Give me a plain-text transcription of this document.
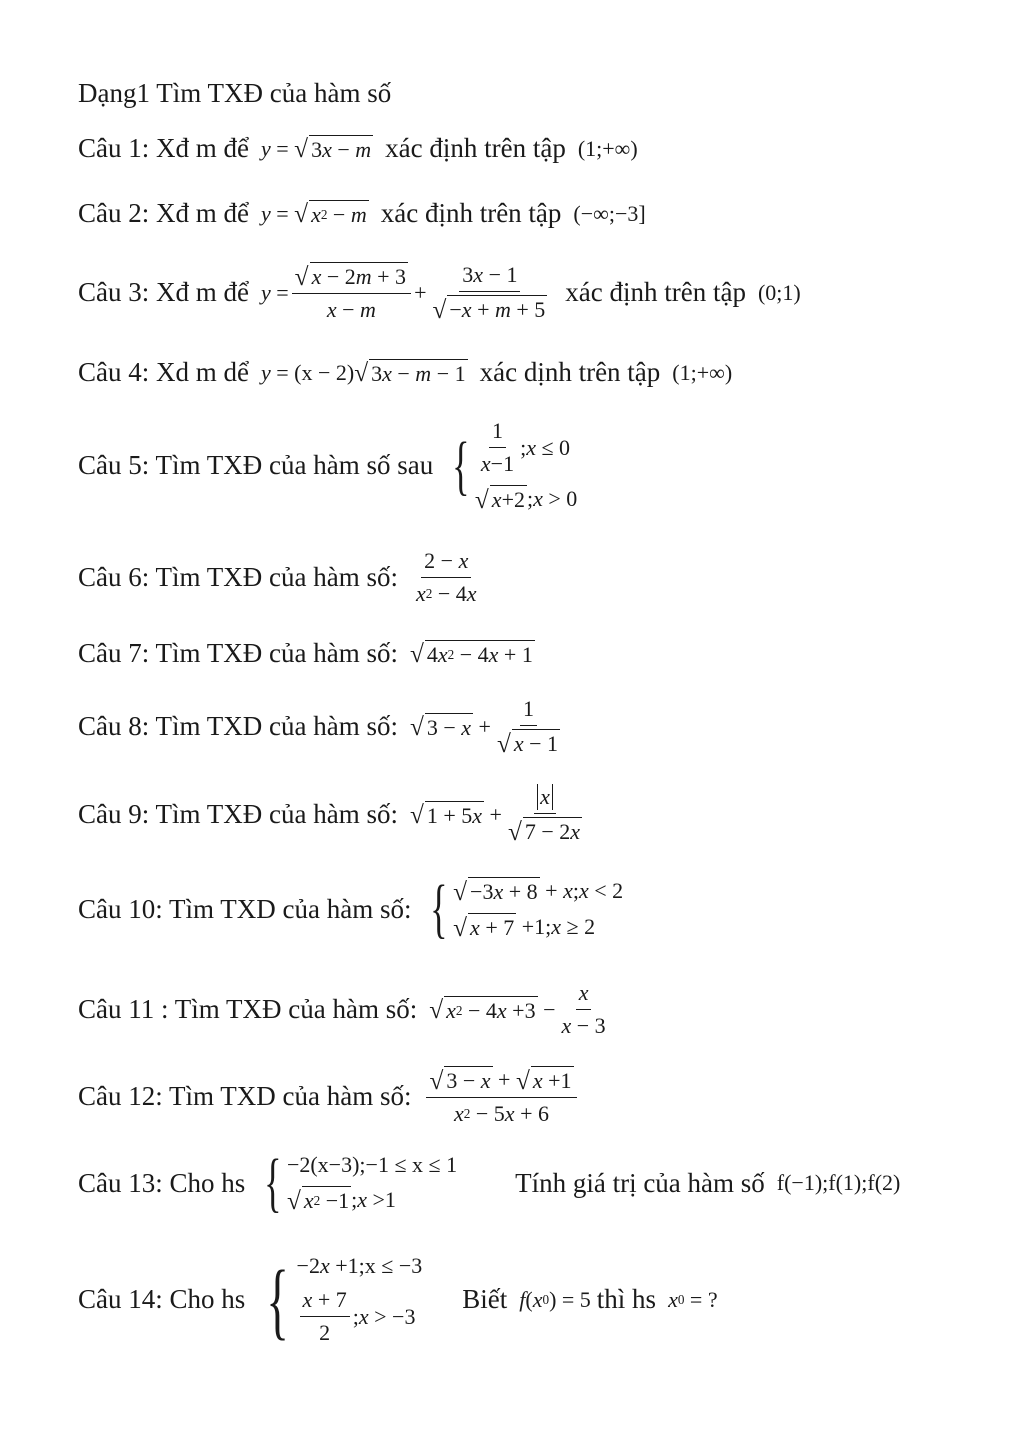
Dạng1 Tìm TXĐ của hàm số
Câu 1: Xđ m để y = √ 3 x − m xác định trên tập (1;+∞)
Câu 2: Xđ m để y = √ x 2 − m xác định trên tập (−∞;−3]
Câu 3: Xđ m để $y = \frac{√ x - 2 m + 3}{x - m} + \frac{3 x - 1}{√ - x + m + 5}$ xác định trên tập (0;1)
Câu 4: Xd m dể y = (x − 2) √ 3 x − m − 1 xác dịnh trên tập (1;+∞)
Câu 5: Tìm TXĐ của hàm số sau { $\frac{1}{x -1}$ ; x ≤ 0
√ x +2 ; x > 0
Câu 6: Tìm TXĐ của hàm số: $\frac{2 - x}{x 2 - 4 x}$
Câu 7: Tìm TXĐ của hàm số: √ 4 x 2 − 4 x + 1
Câu 8: Tìm TXD của hàm số: √ $3 - x + \frac{1}{√ x - 1}$
Câu 9: Tìm TXĐ của hàm số: √ 1 + 5 $x + \frac{x}{√ 7 - 2 x}$
Câu 10: Tìm TXD của hàm số: { √ −3 x + 8 + x ; x < 2
√ x + 7 +1; x ≥ 2
Câu 11 : Tìm TXĐ của hàm số: √ x 2 − 4 $x +3 - \frac{x}{x - 3}$
Câu 12: Tìm TXD của hàm số: $\frac{√ 3 - x + √ x +1}{x 2 - 5 x + 6}$
Câu 13: Cho hs { −2(x−3);−1 ≤ x ≤ 1
√ x 2 −1 ; x >1
Tính giá trị của hàm số f(−1);f(1);f(2)
Câu 14: Cho hs { −2 x +1;x ≤ −3
$\frac{x + 7}{2}$ ; x > −3
Biết f ( x 0 ) = 5 thì hs x 0 = ?
